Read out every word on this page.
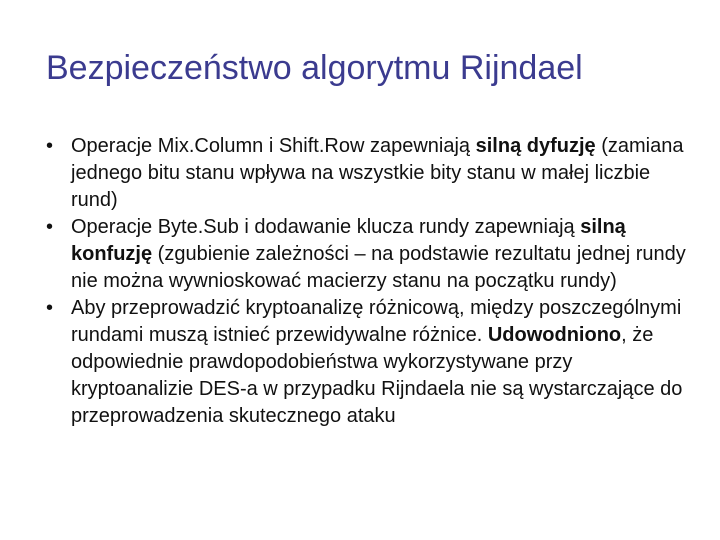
Bezpieczeństwo algorytmu Rijndael
• Operacje Mix.Column i Shift.Row zapewniają silną dyfuzję (zamiana jednego bitu stanu wpływa na wszystkie bity stanu w małej liczbie rund)
• Operacje Byte.Sub i dodawanie klucza rundy zapewniają silną konfuzję (zgubienie zależności – na podstawie rezultatu jednej rundy nie można wywnioskować macierzy stanu na początku rundy)
• Aby przeprowadzić kryptoanalizę różnicową, między poszczególnymi rundami muszą istnieć przewidywalne różnice. Udowodniono, że odpowiednie prawdopodobieństwa wykorzystywane przy kryptoanalizie DES-a w przypadku Rijndaela nie są wystarczające do przeprowadzenia skutecznego ataku
